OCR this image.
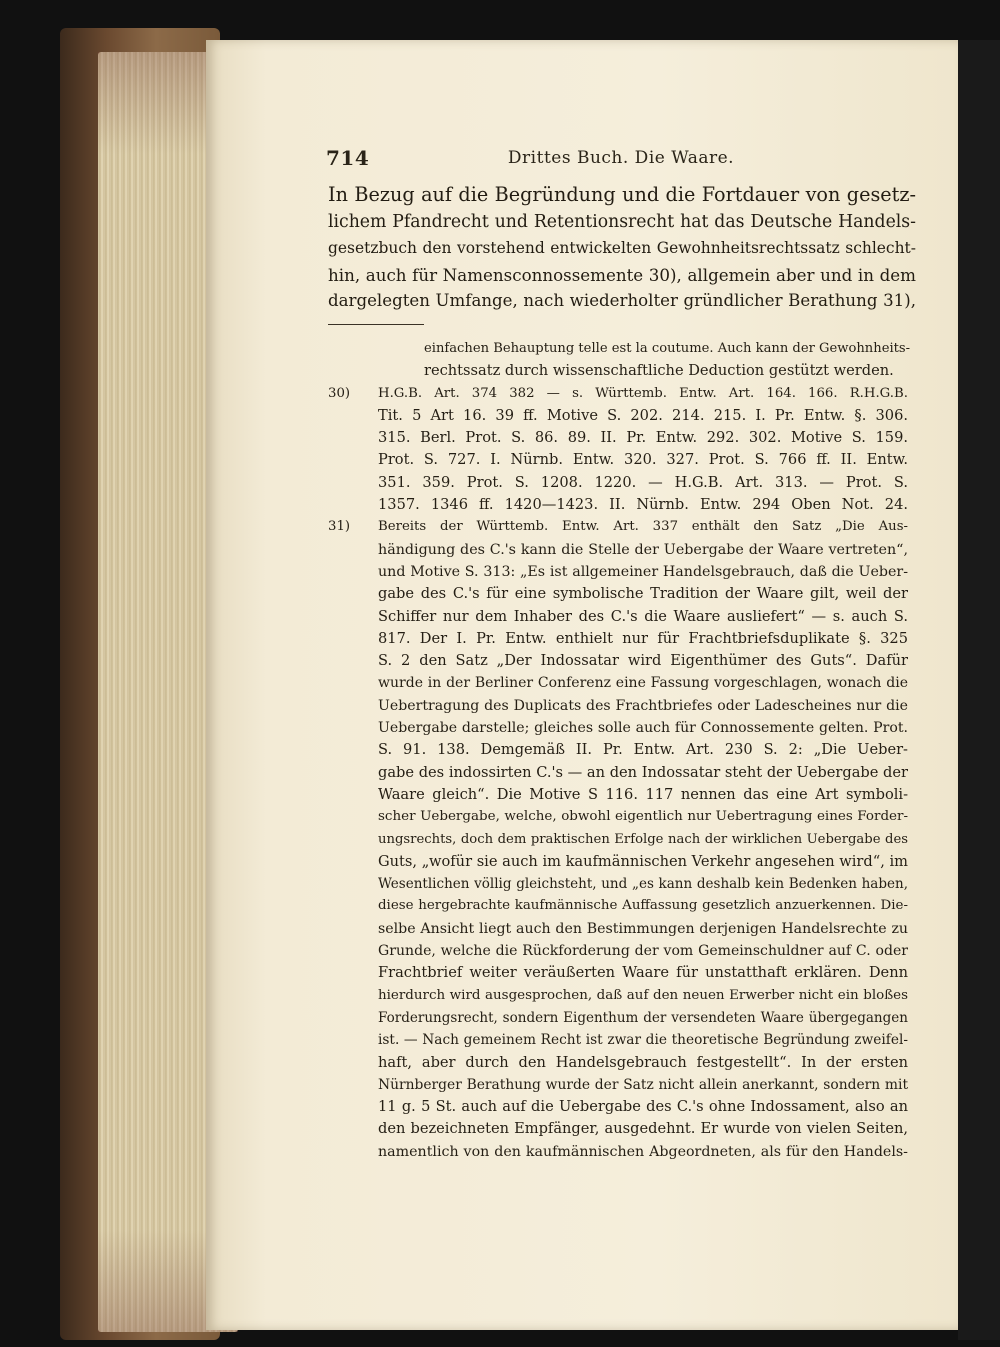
714	Drittes Buch. Die Waare.
In Bezug auf die Begründung und die Fortdauer von gesetz-
lichem Pfandrecht und Retentionsrecht hat das Deutsche Handels-
gesetzbuch den vorstehend entwickelten Gewohnheitsrechtssatz schlecht-
hin, auch für Namensconnossemente 30), allgemein aber und in dem
dargelegten Umfange, nach wiederholter gründlicher Berathung 31),
einfachen Behauptung telle est la coutume. Auch kann der Gewohnheits-
rechtssatz durch wissenschaftliche Deduction gestützt werden.
30) H.G.B. Art. 374 382 — s. Württemb. Entw. Art. 164. 166. R.H.G.B.
Tit. 5 Art 16. 39 ff. Motive S. 202. 214. 215. I. Pr. Entw. §. 306.
315. Berl. Prot. S. 86. 89. II. Pr. Entw. 292. 302. Motive S. 159.
Prot. S. 727. I. Nürnb. Entw. 320. 327. Prot. S. 766 ff. II. Entw.
351. 359. Prot. S. 1208. 1220. — H.G.B. Art. 313. — Prot. S.
1357. 1346 ff. 1420—1423. II. Nürnb. Entw. 294 Oben Not. 24.
31) Bereits der Württemb. Entw. Art. 337 enthält den Satz „Die Aus-
händigung des C.'s kann die Stelle der Uebergabe der Waare vertreten“,
und Motive S. 313: „Es ist allgemeiner Handelsgebrauch, daß die Ueber-
gabe des C.'s für eine symbolische Tradition der Waare gilt, weil der
Schiffer nur dem Inhaber des C.'s die Waare ausliefert“ — s. auch S.
817. Der I. Pr. Entw. enthielt nur für Frachtbriefsduplikate §. 325
S. 2 den Satz „Der Indossatar wird Eigenthümer des Guts“. Dafür
wurde in der Berliner Conferenz eine Fassung vorgeschlagen, wonach die
Uebertragung des Duplicats des Frachtbriefes oder Ladescheines nur die
Uebergabe darstelle; gleiches solle auch für Connossemente gelten. Prot.
S. 91. 138. Demgemäß II. Pr. Entw. Art. 230 S. 2: „Die Ueber-
gabe des indossirten C.'s — an den Indossatar steht der Uebergabe der
Waare gleich“. Die Motive S 116. 117 nennen das eine Art symboli-
scher Uebergabe, welche, obwohl eigentlich nur Uebertragung eines Forder-
ungsrechts, doch dem praktischen Erfolge nach der wirklichen Uebergabe des
Guts, „wofür sie auch im kaufmännischen Verkehr angesehen wird“, im
Wesentlichen völlig gleichsteht, und „es kann deshalb kein Bedenken haben,
diese hergebrachte kaufmännische Auffassung gesetzlich anzuerkennen. Die-
selbe Ansicht liegt auch den Bestimmungen derjenigen Handelsrechte zu
Grunde, welche die Rückforderung der vom Gemeinschuldner auf C. oder
Frachtbrief weiter veräußerten Waare für unstatthaft erklären. Denn
hierdurch wird ausgesprochen, daß auf den neuen Erwerber nicht ein bloßes
Forderungsrecht, sondern Eigenthum der versendeten Waare übergegangen
ist. — Nach gemeinem Recht ist zwar die theoretische Begründung zweifel-
haft, aber durch den Handelsgebrauch festgestellt“. In der ersten
Nürnberger Berathung wurde der Satz nicht allein anerkannt, sondern mit
11 g. 5 St. auch auf die Uebergabe des C.'s ohne Indossament, also an
den bezeichneten Empfänger, ausgedehnt. Er wurde von vielen Seiten,
namentlich von den kaufmännischen Abgeordneten, als für den Handels-
